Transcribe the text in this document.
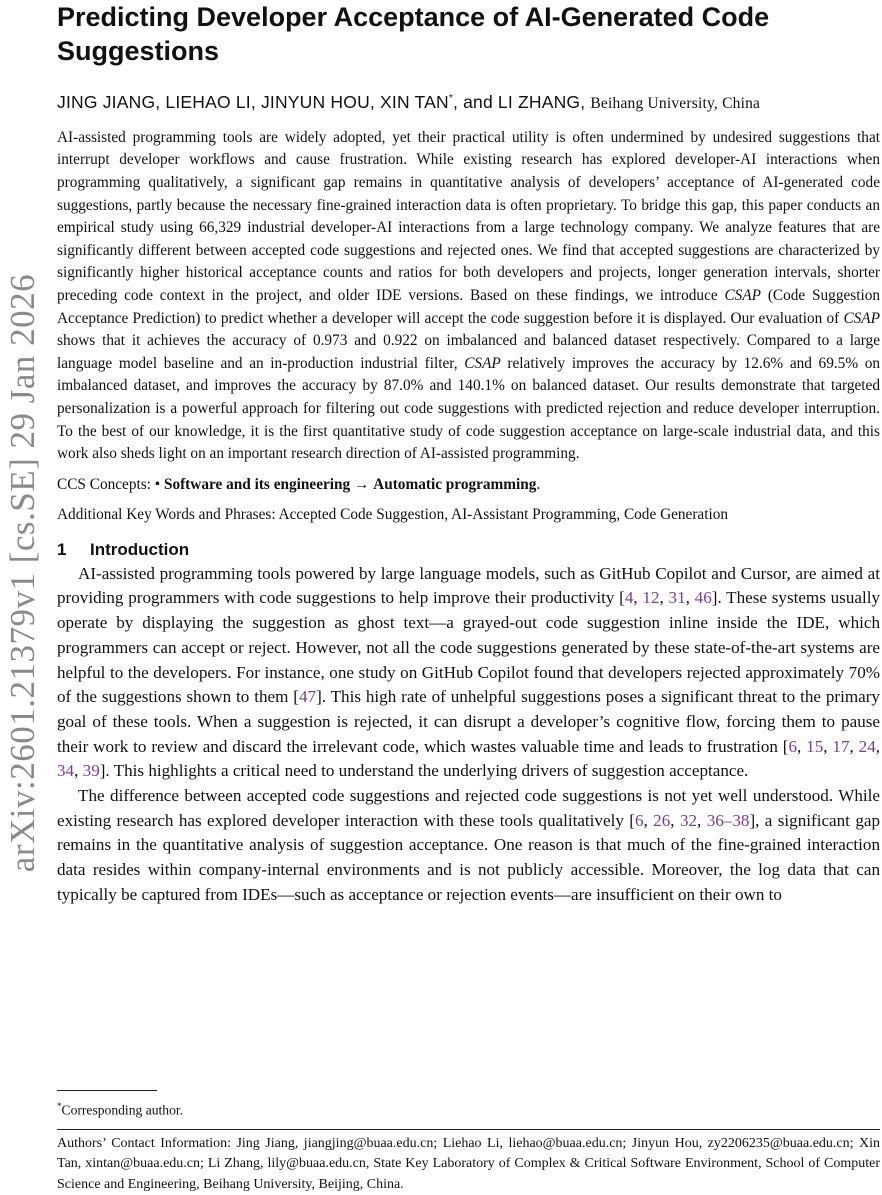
arXiv:2601.21379v1 [cs.SE] 29 Jan 2026
Predicting Developer Acceptance of AI-Generated Code Suggestions
JING JIANG, LIEHAO LI, JINYUN HOU, XIN TAN*, and LI ZHANG, Beihang University, China
AI-assisted programming tools are widely adopted, yet their practical utility is often undermined by undesired suggestions that interrupt developer workflows and cause frustration. While existing research has explored developer-AI interactions when programming qualitatively, a significant gap remains in quantitative analysis of developers’ acceptance of AI-generated code suggestions, partly because the necessary fine-grained interaction data is often proprietary. To bridge this gap, this paper conducts an empirical study using 66,329 industrial developer-AI interactions from a large technology company. We analyze features that are significantly different between accepted code suggestions and rejected ones. We find that accepted suggestions are characterized by significantly higher historical acceptance counts and ratios for both developers and projects, longer generation intervals, shorter preceding code context in the project, and older IDE versions. Based on these findings, we introduce CSAP (Code Suggestion Acceptance Prediction) to predict whether a developer will accept the code suggestion before it is displayed. Our evaluation of CSAP shows that it achieves the accuracy of 0.973 and 0.922 on imbalanced and balanced dataset respectively. Compared to a large language model baseline and an in-production industrial filter, CSAP relatively improves the accuracy by 12.6% and 69.5% on imbalanced dataset, and improves the accuracy by 87.0% and 140.1% on balanced dataset. Our results demonstrate that targeted personalization is a powerful approach for filtering out code suggestions with predicted rejection and reduce developer interruption. To the best of our knowledge, it is the first quantitative study of code suggestion acceptance on large-scale industrial data, and this work also sheds light on an important research direction of AI-assisted programming.
CCS Concepts: • Software and its engineering → Automatic programming.
Additional Key Words and Phrases: Accepted Code Suggestion, AI-Assistant Programming, Code Generation
1 Introduction

AI-assisted programming tools powered by large language models, such as GitHub Copilot and Cursor, are aimed at providing programmers with code suggestions to help improve their productivity [4, 12, 31, 46]. These systems usually operate by displaying the suggestion as ghost text—a grayed-out code suggestion inline inside the IDE, which programmers can accept or reject. However, not all the code suggestions generated by these state-of-the-art systems are helpful to the developers. For instance, one study on GitHub Copilot found that developers rejected approximately 70% of the suggestions shown to them [47]. This high rate of unhelpful suggestions poses a significant threat to the primary goal of these tools. When a suggestion is rejected, it can disrupt a developer’s cognitive flow, forcing them to pause their work to review and discard the irrelevant code, which wastes valuable time and leads to frustration [6, 15, 17, 24, 34, 39]. This highlights a critical need to understand the underlying drivers of suggestion acceptance.

The difference between accepted code suggestions and rejected code suggestions is not yet well understood. While existing research has explored developer interaction with these tools qualitatively [6, 26, 32, 36–38], a significant gap remains in the quantitative analysis of suggestion acceptance. One reason is that much of the fine-grained interaction data resides within company-internal environments and is not publicly accessible. Moreover, the log data that can typically be captured from IDEs—such as acceptance or rejection events—are insufficient on their own to

*Corresponding author.
Authors’ Contact Information: Jing Jiang, jiangjing@buaa.edu.cn; Liehao Li, liehao@buaa.edu.cn; Jinyun Hou, zy2206235@buaa.edu.cn; Xin Tan, xintan@buaa.edu.cn; Li Zhang, lily@buaa.edu.cn, State Key Laboratory of Complex & Critical Software Environment, School of Computer Science and Engineering, Beihang University, Beijing, China.
